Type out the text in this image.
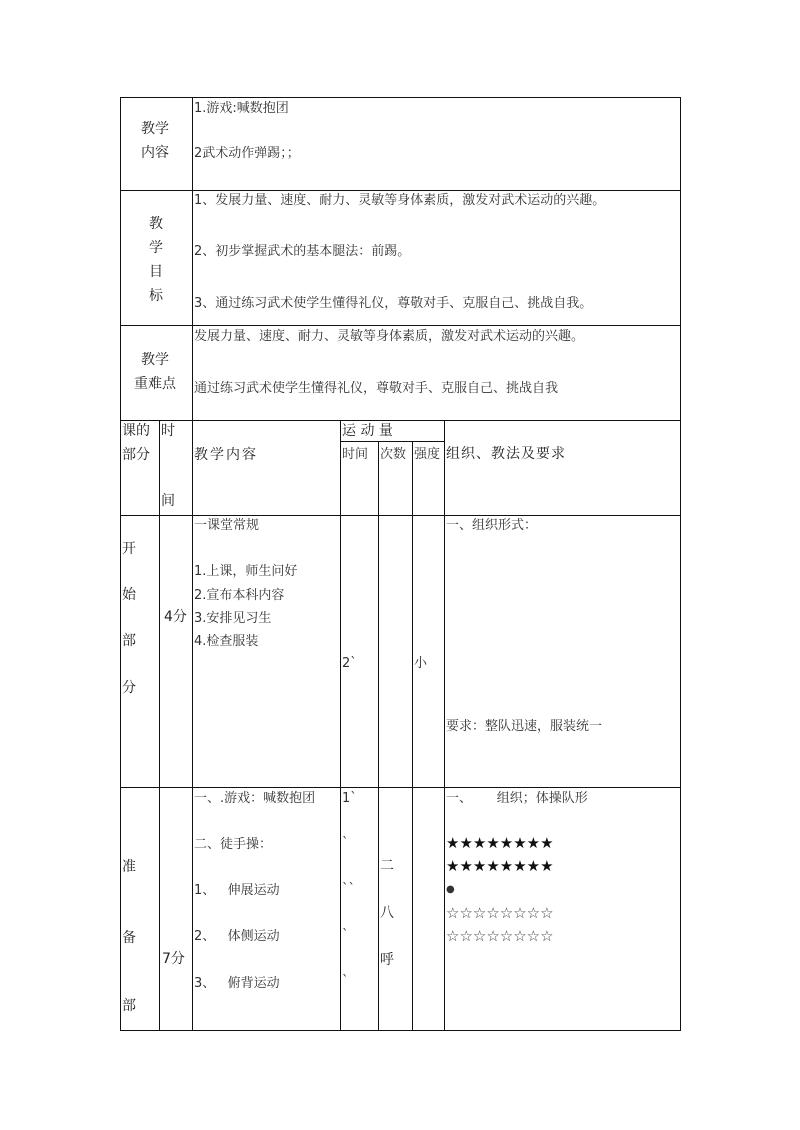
教学
内容
1.游戏:喊数抱团
2武术动作弹踢；；
教
学
目
标
1、发展力量、速度、耐力、灵敏等身体素质，激发对武术运动的兴趣。
2、初步掌握武术的基本腿法：前踢。
3、通过练习武术使学生懂得礼仪，尊敬对手、克服自己、挑战自我。
教学
重难点
发展力量、速度、耐力、灵敏等身体素质，激发对武术运动的兴趣。
通过练习武术使学生懂得礼仪，尊敬对手、克服自己、挑战自我
课的
部分
时
间
教学内容
运 动 量
时间 次数 强度 组织、教法及要求
开
始
部
分
4分
一课堂常规
1.上课，师生问好
2.宣布本科内容
3.安排见习生
4.检查服装
2`	小
一、组织形式：
要求：整队迅速，服装统一
准
备
部
7分
一、.游戏：喊数抱团
二、徒手操：
1、   伸展运动
2、   体侧运动
3、   俯背运动
1`
`
``
`
`
二
八
呼
一、      组织；体操队形
★★★★★★★★
★★★★★★★★
●
☆☆☆☆☆☆☆☆
☆☆☆☆☆☆☆☆
